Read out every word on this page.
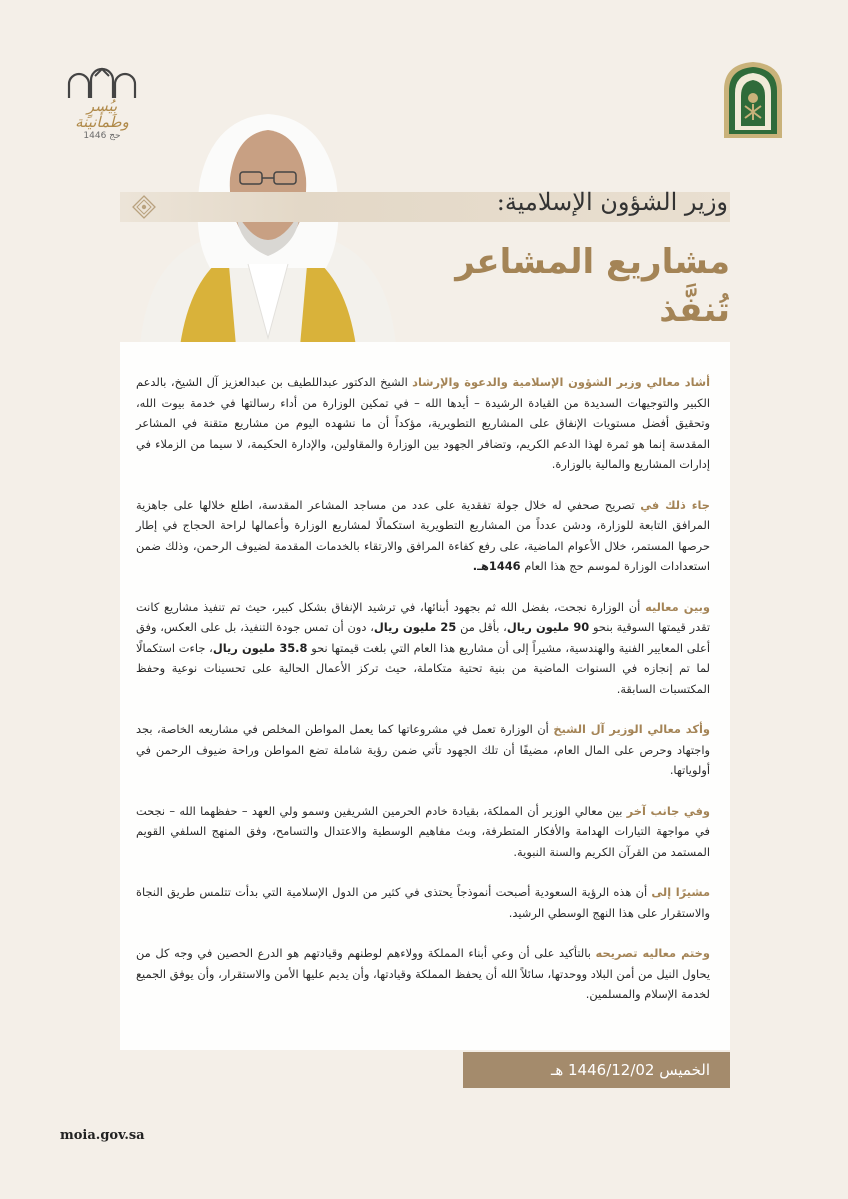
بِيُسرٍ وطمأنينة
حج 1446
وزير الشؤون الإسلامية:
مشاريع المشاعر تُنفَّذ

أشاد معالي وزير الشؤون الإسلامية والدعوة والإرشاد الشيخ الدكتور عبداللطيف بن عبدالعزيز آل الشيخ، بالدعم الكبير والتوجيهات السديدة من القيادة الرشيدة – أيدها الله – في تمكين الوزارة من أداء رسالتها في خدمة بيوت الله، وتحقيق أفضل مستويات الإنفاق على المشاريع التطويرية، مؤكداً أن ما نشهده اليوم من مشاريع متقنة في المشاعر المقدسة إنما هو ثمرة لهذا الدعم الكريم، وتضافر الجهود بين الوزارة والمقاولين، والإدارة الحكيمة، لا سيما من الزملاء في إدارات المشاريع والمالية بالوزارة.

جاء ذلك في تصريح صحفي له خلال جولة تفقدية على عدد من مساجد المشاعر المقدسة، اطلع خلالها على جاهزية المرافق التابعة للوزارة، ودشن عدداً من المشاريع التطويرية استكمالًا لمشاريع الوزارة وأعمالها لراحة الحجاج في إطار حرصها المستمر، خلال الأعوام الماضية، على رفع كفاءة المرافق والارتقاء بالخدمات المقدمة لضيوف الرحمن، وذلك ضمن استعدادات الوزارة لموسم حج هذا العام 1446هـ.

وبين معاليه أن الوزارة نجحت، بفضل الله ثم بجهود أبنائها، في ترشيد الإنفاق بشكل كبير، حيث تم تنفيذ مشاريع كانت تقدر قيمتها السوقية بنحو 90 مليون ريال، بأقل من 25 مليون ريال، دون أن تمس جودة التنفيذ، بل على العكس، وفق أعلى المعايير الفنية والهندسية، مشيراً إلى أن مشاريع هذا العام التي بلغت قيمتها نحو 35.8 مليون ريال، جاءت استكمالًا لما تم إنجازه في السنوات الماضية من بنية تحتية متكاملة، حيث تركز الأعمال الحالية على تحسينات نوعية وحفظ المكتسبات السابقة.

وأكد معالي الوزير آل الشيخ أن الوزارة تعمل في مشروعاتها كما يعمل المواطن المخلص في مشاريعه الخاصة، بجد واجتهاد وحرص على المال العام، مضيفًا أن تلك الجهود تأتي ضمن رؤية شاملة تضع المواطن وراحة ضيوف الرحمن في أولوياتها.

وفي جانب آخر بين معالي الوزير أن المملكة، بقيادة خادم الحرمين الشريفين وسمو ولي العهد – حفظهما الله – نجحت في مواجهة التيارات الهدامة والأفكار المتطرفة، وبث مفاهيم الوسطية والاعتدال والتسامح، وفق المنهج السلفي القويم المستمد من القرآن الكريم والسنة النبوية.

مشيرًا إلى أن هذه الرؤية السعودية أصبحت أنموذجاً يحتذى في كثير من الدول الإسلامية التي بدأت تتلمس طريق النجاة والاستقرار على هذا النهج الوسطي الرشيد.

وختم معاليه تصريحه بالتأكيد على أن وعي أبناء المملكة وولاءهم لوطنهم وقيادتهم هو الدرع الحصين في وجه كل من يحاول النيل من أمن البلاد ووحدتها، سائلاً الله أن يحفظ المملكة وقيادتها، وأن يديم عليها الأمن والاستقرار، وأن يوفق الجميع لخدمة الإسلام والمسلمين.

الخميس 1446/12/02 هـ
moia.gov.sa
